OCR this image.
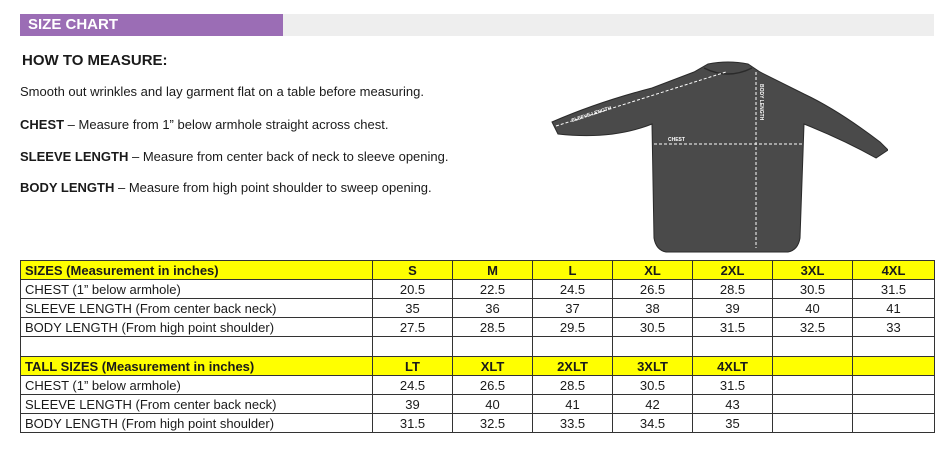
SIZE CHART
HOW TO MEASURE:
Smooth out wrinkles and lay garment flat on a table before measuring.
CHEST – Measure from 1” below armhole straight across chest.
SLEEVE LENGTH – Measure from center back of neck to sleeve opening.
BODY LENGTH – Measure from high point shoulder to sweep opening.
SLEEVE LENGTH
CHEST
BODY LENGTH
SIZES (Measurement in inches)	S	M	L	XL	2XL	3XL	4XL
CHEST (1” below armhole)	20.5	22.5	24.5	26.5	28.5	30.5	31.5
SLEEVE LENGTH (From center back neck)	35	36	37	38	39	40	41
BODY LENGTH (From high point shoulder)	27.5	28.5	29.5	30.5	31.5	32.5	33

TALL SIZES (Measurement in inches)	LT	XLT	2XLT	3XLT	4XLT		
CHEST (1” below armhole)	24.5	26.5	28.5	30.5	31.5		
SLEEVE LENGTH (From center back neck)	39	40	41	42	43		
BODY LENGTH (From high point shoulder)	31.5	32.5	33.5	34.5	35		
